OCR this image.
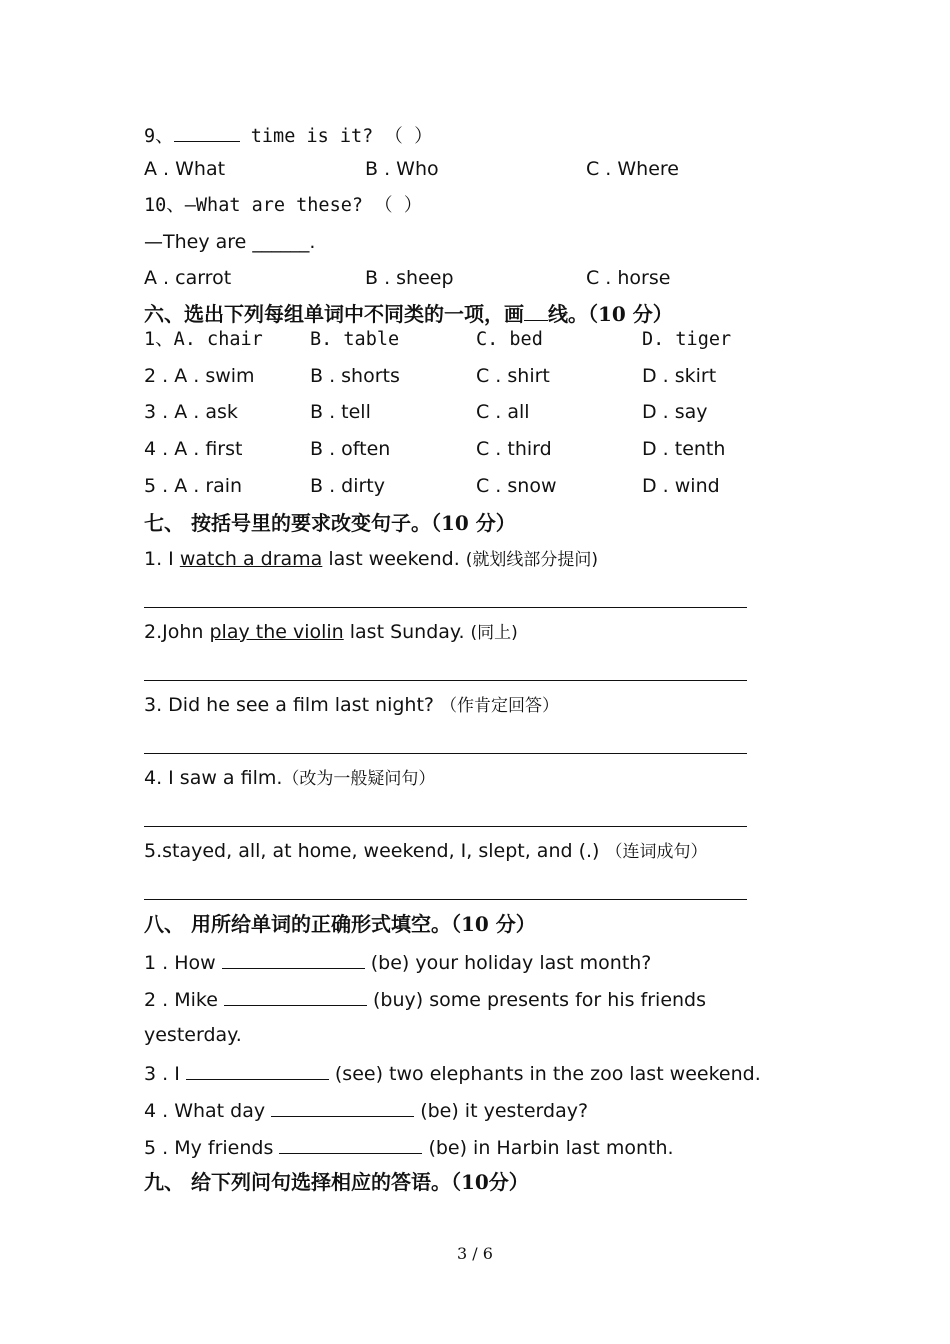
9、	time is it? （ ）
A . What	B . Who	C . Where
10、—What are these? （ ）
—They are ______.
A . carrot	B . sheep	C . horse
六、选出下列每组单词中不同类的一项，画 线。（10 分）
1、A. chair	B. table	C. bed	D. tiger
2 . A . swim	B . shorts	C . shirt	D . skirt
3 . A . ask	B . tell	C . all	D . say
4 . A . first	B . often	C . third	D . tenth
5 . A . rain	B . dirty	C . snow	D . wind
七、 按括号里的要求改变句子。（10 分）
1. I watch a drama last weekend. (就划线部分提问)
2.John play the violin last Sunday. (同上)
3. Did he see a film last night? （作肯定回答）
4. I saw a film.（改为一般疑问句）
5.stayed, all, at home, weekend, I, slept, and (.) （连词成句）
八、 用所给单词的正确形式填空。（10 分）
1 . How	(be) your holiday last month?
2 . Mike	(buy) some presents for his friends
yesterday.
3 . I	(see) two elephants in the zoo last weekend.
4 . What day	(be) it yesterday?
5 . My friends	(be) in Harbin last month.
九、 给下列问句选择相应的答语。（10分）
3 / 6
